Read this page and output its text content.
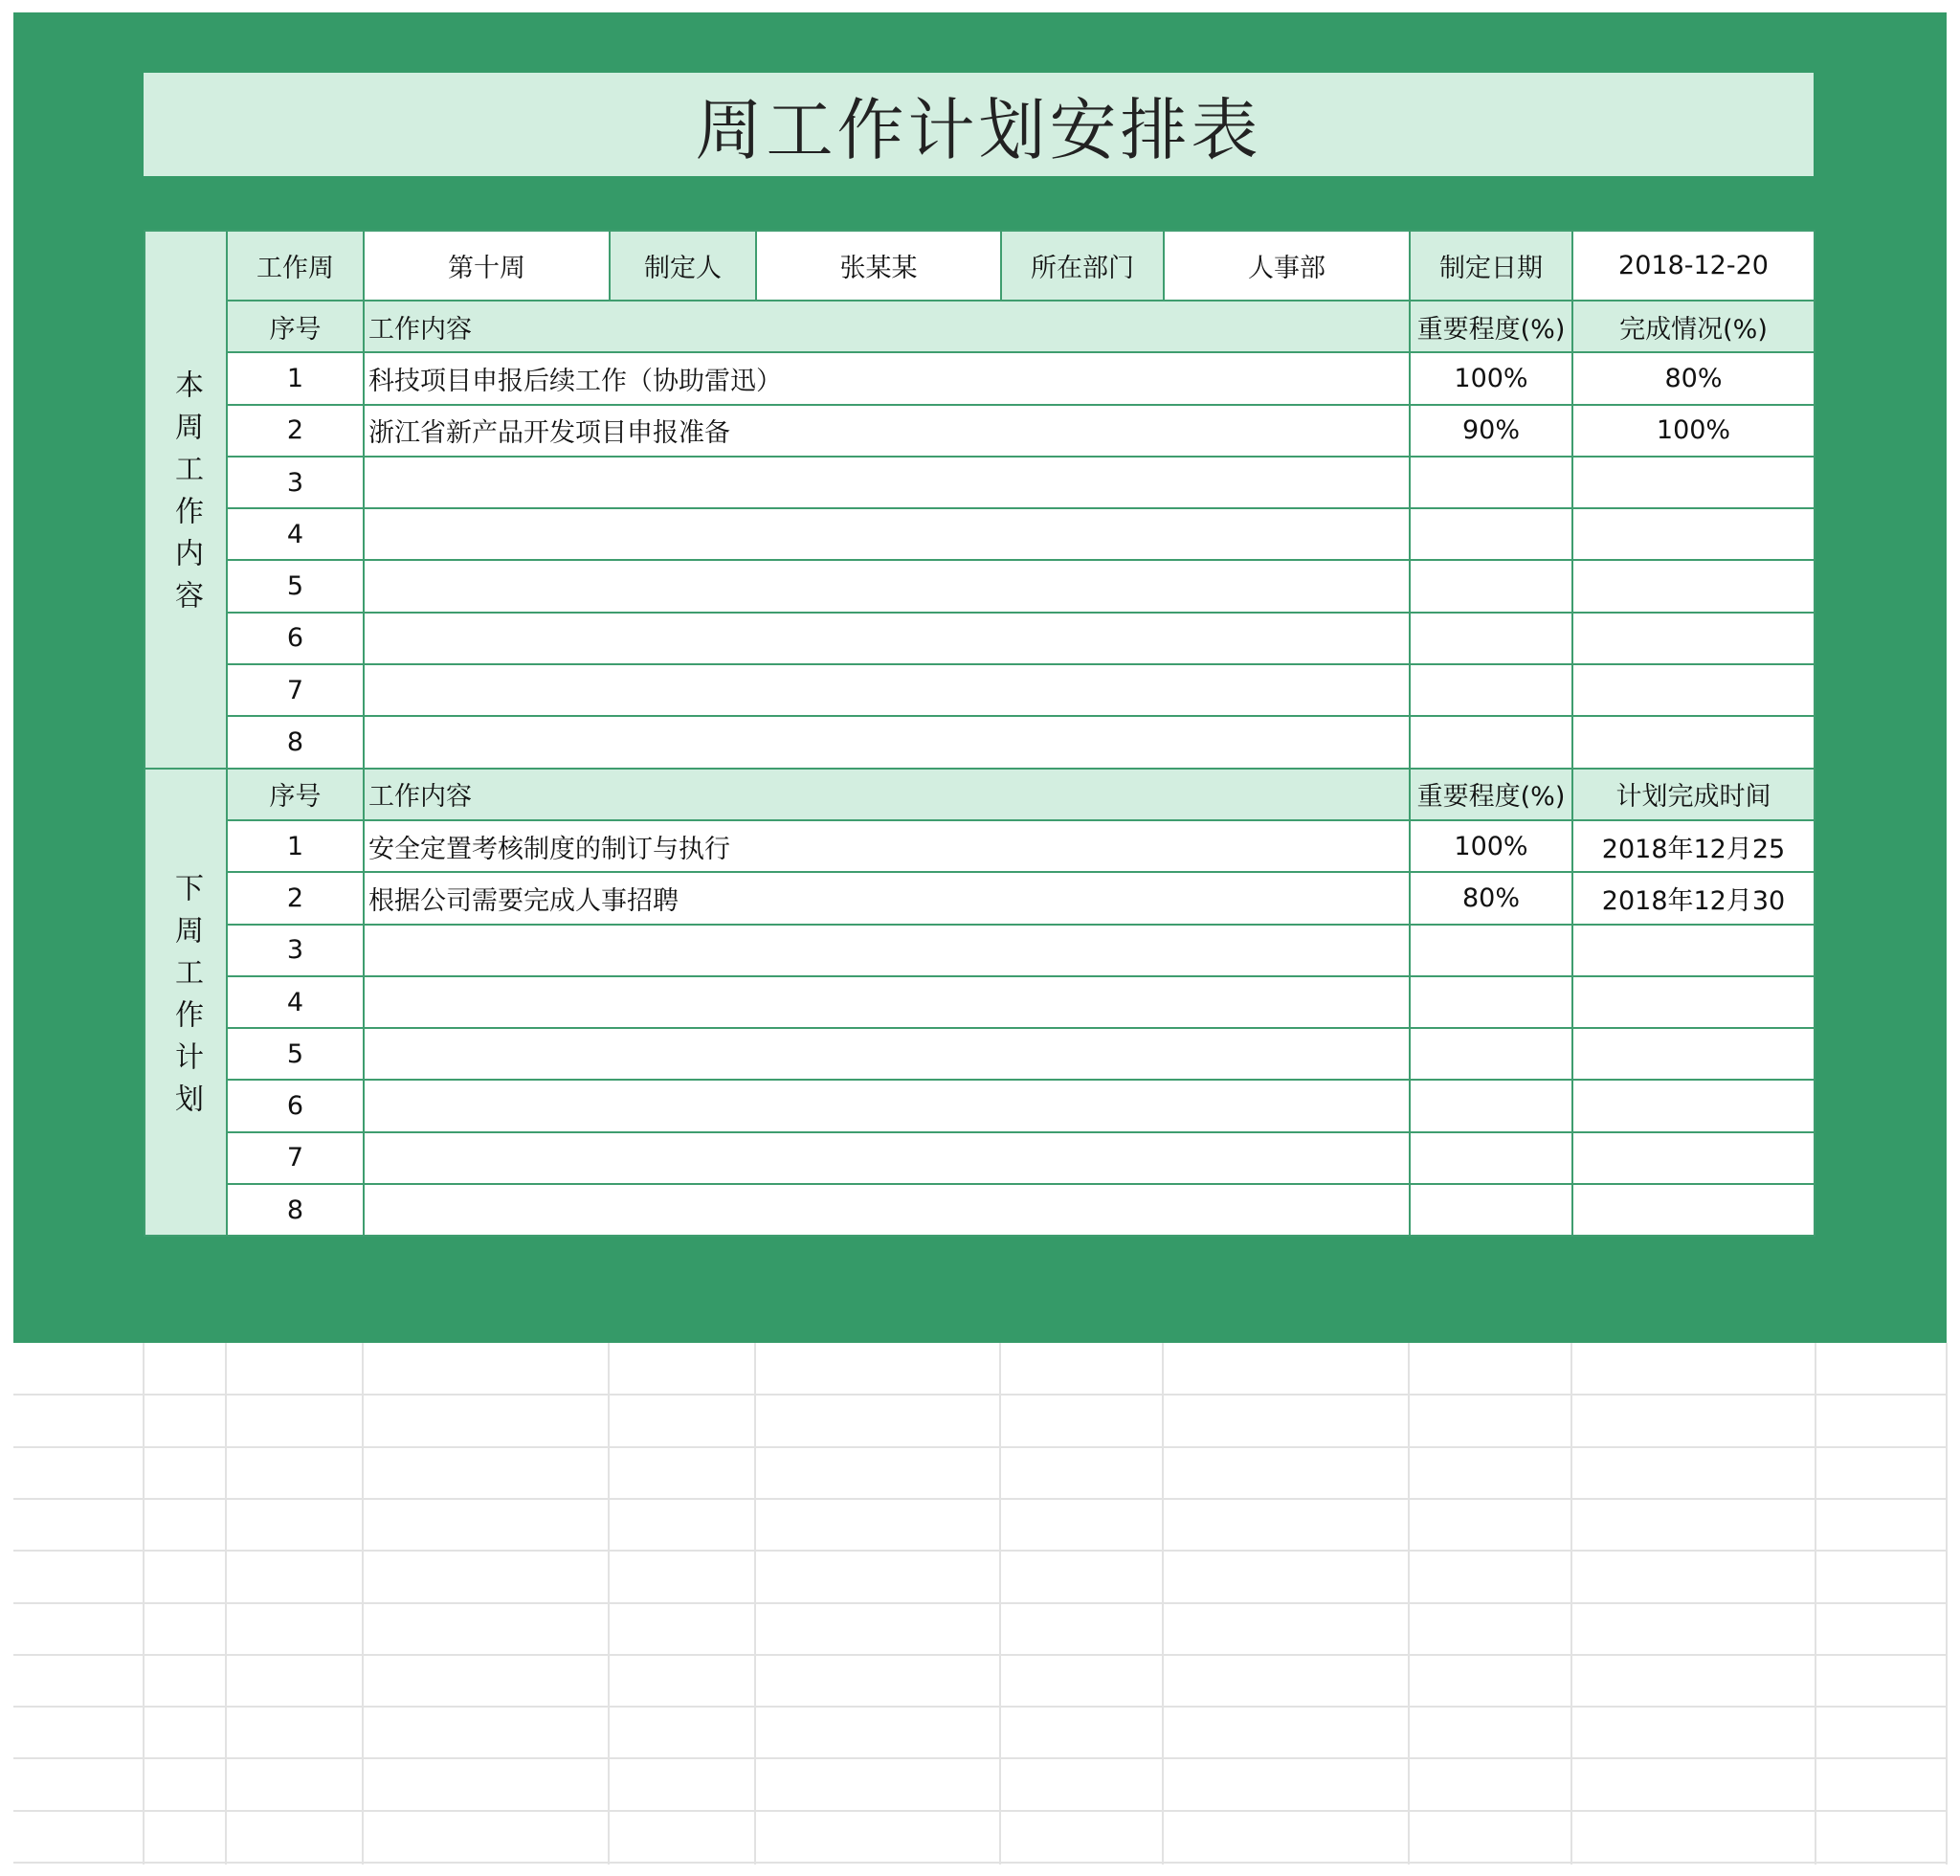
周工作计划安排表
本周工作内容	工作周	第十周	制定人	张某某	所在部门	人事部	制定日期	2018-12-20
	序号	工作内容					重要程度(%)	完成情况(%)
	1	科技项目申报后续工作（协助雷迅）					100%	80%
	2	浙江省新产品开发项目申报准备					90%	100%
	3							
	4							
	5							
	6							
	7							
	8							
下周工作计划	序号	工作内容					重要程度(%)	计划完成时间
	1	安全定置考核制度的制订与执行					100%	2018年12月25
	2	根据公司需要完成人事招聘					80%	2018年12月30
	3							
	4							
	5							
	6							
	7							
	8							
